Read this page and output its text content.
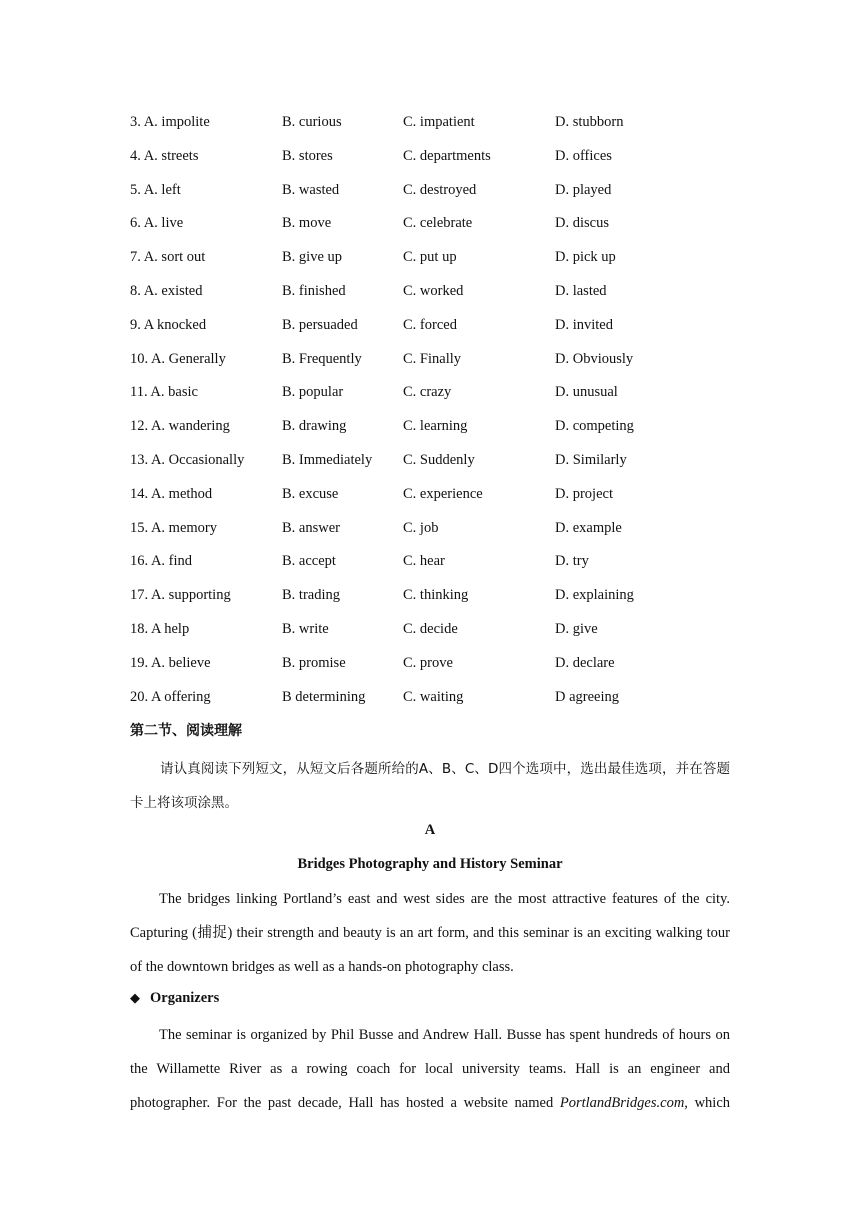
3. A. impolite	B. curious	C. impatient	D. stubborn
4. A. streets	B. stores	C. departments	D. offices
5. A. left	B. wasted	C. destroyed	D. played
6. A. live	B. move	C. celebrate	D. discus
7. A. sort out	B. give up	C. put up	D. pick up
8. A. existed	B. finished	C. worked	D. lasted
9. A knocked	B. persuaded	C. forced	D. invited
10. A. Generally	B. Frequently	C. Finally	D. Obviously
11. A. basic	B. popular	C. crazy	D. unusual
12. A. wandering	B. drawing	C. learning	D. competing
13. A. Occasionally	B. Immediately C. Suddenly	D. Similarly
14. A. method	B. excuse	C. experience	D. project
15. A. memory	B. answer	C. job	D. example
16. A. find	B. accept	C. hear	D. try
17. A. supporting	B. trading	C. thinking	D. explaining
18. A help	B. write	C. decide	D. give
19. A. believe	B. promise	C. prove	D. declare
20. A offering	B determining	C. waiting	D agreeing
第二节、阅读理解
请认真阅读下列短文，从短文后各题所给的A、B、C、D四个选项中，选出最佳选项，并在答题卡上将该项涂黑。
A
Bridges Photography and History Seminar
The bridges linking Portland’s east and west sides are the most attractive features of the city. Capturing (捕捉) their strength and beauty is an art form, and this seminar is an exciting walking tour of the downtown bridges as well as a hands-on photography class.
◆ Organizers
The seminar is organized by Phil Busse and Andrew Hall. Busse has spent hundreds of hours on the Willamette River as a rowing coach for local university teams. Hall is an engineer and photographer. For the past decade, Hall has hosted a website named PortlandBridges.com, which
